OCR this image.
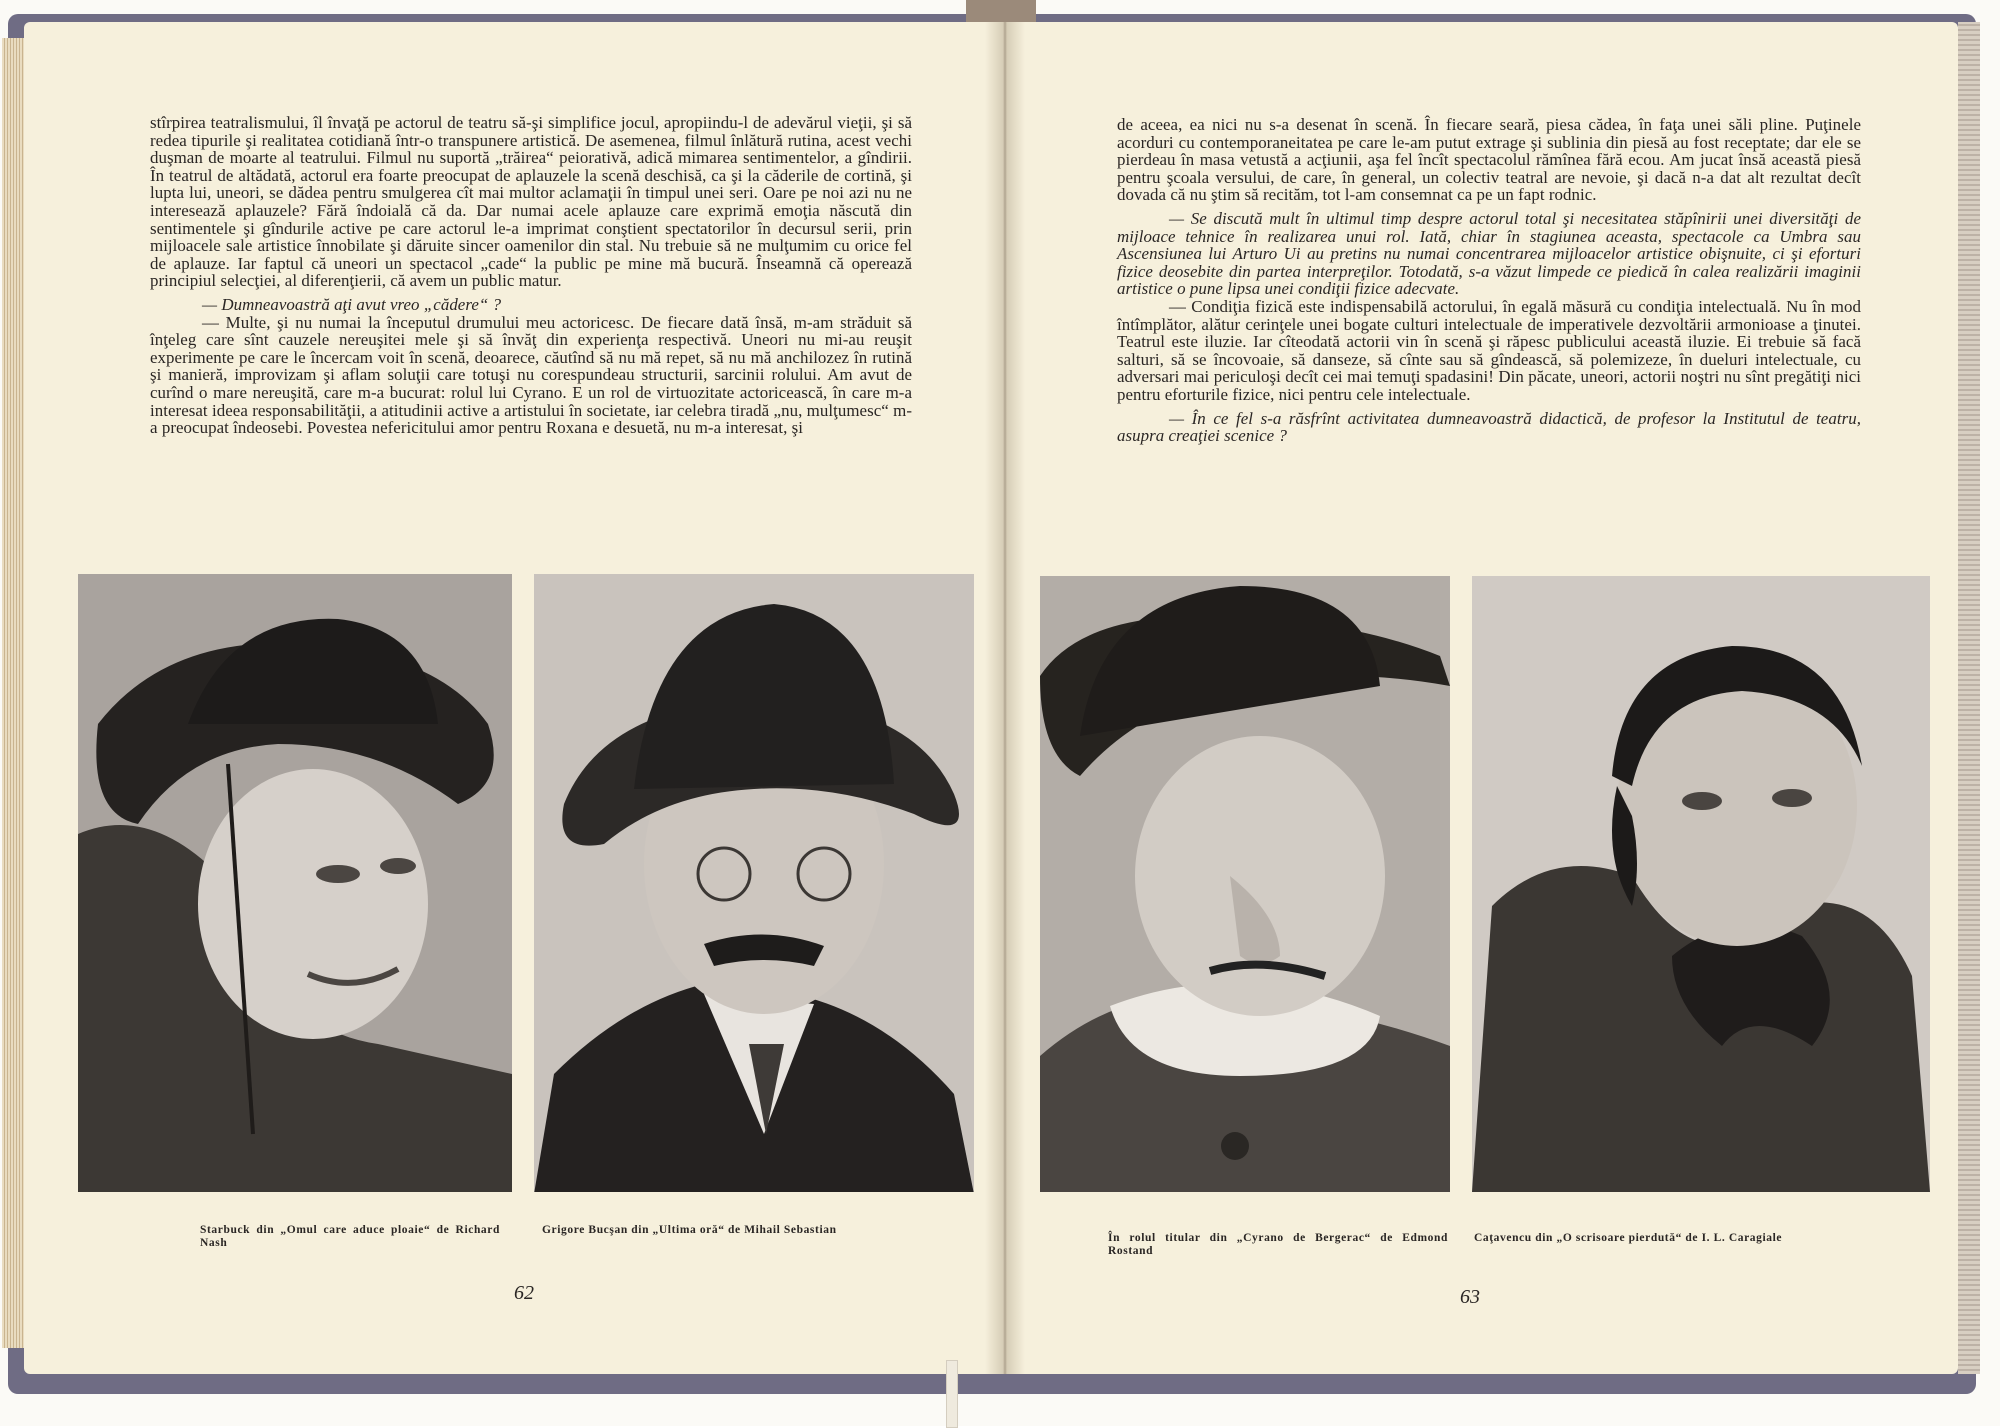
stîrpirea teatralismului, îl învaţă pe actorul de teatru să-şi simplifice jocul, apropiindu-l de adevărul vieţii, şi să redea tipurile şi realitatea cotidiană într-o transpunere artistică. De asemenea, filmul înlătură rutina, acest vechi duşman de moarte al teatrului. Filmul nu suportă „trăirea“ peiorativă, adică mimarea sentimentelor, a gîndirii. În teatrul de altădată, actorul era foarte preocupat de aplauzele la scenă deschisă, ca şi la căderile de cortină, şi lupta lui, uneori, se dădea pentru smulgerea cît mai multor aclamaţii în timpul unei seri. Oare pe noi azi nu ne interesează aplauzele? Fără îndoială că da. Dar numai acele aplauze care exprimă emoţia născută din sentimentele şi gîndurile active pe care actorul le-a imprimat conştient spectatorilor în decursul serii, prin mijloacele sale artistice înnobilate şi dăruite sincer oamenilor din stal. Nu trebuie să ne mulţumim cu orice fel de aplauze. Iar faptul că uneori un spectacol „cade“ la public pe mine mă bucură. Înseamnă că operează principiul selecţiei, al diferenţierii, că avem un public matur.

— Dumneavoastră aţi avut vreo „cădere“ ?

— Multe, şi nu numai la începutul drumului meu actoricesc. De fiecare dată însă, m-am străduit să înţeleg care sînt cauzele nereuşitei mele şi să învăţ din experienţa respectivă. Uneori nu mi-au reuşit experimente pe care le încercam voit în scenă, deoarece, căutînd să nu mă repet, să nu mă anchilozez în rutină şi manieră, improvizam şi aflam soluţii care totuşi nu corespundeau structurii, sarcinii rolului. Am avut de curînd o mare nereuşită, care m-a bucurat: rolul lui Cyrano. E un rol de virtuozitate actoricească, în care m-a interesat ideea responsabilităţii, a atitudinii active a artistului în societate, iar celebra tiradă „nu, mulţumesc“ m-a preocupat îndeosebi. Povestea nefericitului amor pentru Roxana e desuetă, nu m-a interesat, şi

Starbuck din „Omul care aduce ploaie“ de Richard Nash
Grigore Bucşan din „Ultima oră“ de Mihail Sebastian
62

de aceea, ea nici nu s-a desenat în scenă. În fiecare seară, piesa cădea, în faţa unei săli pline. Puţinele acorduri cu contemporaneitatea pe care le-am putut extrage şi sublinia din piesă au fost receptate; dar ele se pierdeau în masa vetustă a acţiunii, aşa fel încît spectacolul rămînea fără ecou. Am jucat însă această piesă pentru şcoala versului, de care, în general, un colectiv teatral are nevoie, şi dacă n-a dat alt rezultat decît dovada că nu ştim să recităm, tot l-am consemnat ca pe un fapt rodnic.

— Se discută mult în ultimul timp despre actorul total şi necesitatea stăpînirii unei diversităţi de mijloace tehnice în realizarea unui rol. Iată, chiar în stagiunea aceasta, spectacole ca Umbra sau Ascensiunea lui Arturo Ui au pretins nu numai concentrarea mijloacelor artistice obişnuite, ci şi eforturi fizice deosebite din partea interpreţilor. Totodată, s-a văzut limpede ce piedică în calea realizării imaginii artistice o pune lipsa unei condiţii fizice adecvate.

— Condiţia fizică este indispensabilă actorului, în egală măsură cu condiţia intelectuală. Nu în mod întîmplător, alătur cerinţele unei bogate culturi intelectuale de imperativele dezvoltării armonioase a ţinutei. Teatrul este iluzie. Iar cîteodată actorii vin în scenă şi răpesc publicului această iluzie. Ei trebuie să facă salturi, să se încovoaie, să danseze, să cînte sau să gîndească, să polemizeze, în dueluri intelectuale, cu adversari mai periculoşi decît cei mai temuţi spadasini! Din păcate, uneori, actorii noştri nu sînt pregătiţi nici pentru eforturile fizice, nici pentru cele intelectuale.

— În ce fel s-a răsfrînt activitatea dumneavoastră didactică, de profesor la Institutul de teatru, asupra creaţiei scenice ?

În rolul titular din „Cyrano de Bergerac“ de Edmond Rostand
Caţavencu din „O scrisoare pierdută“ de I. L. Caragiale
63
